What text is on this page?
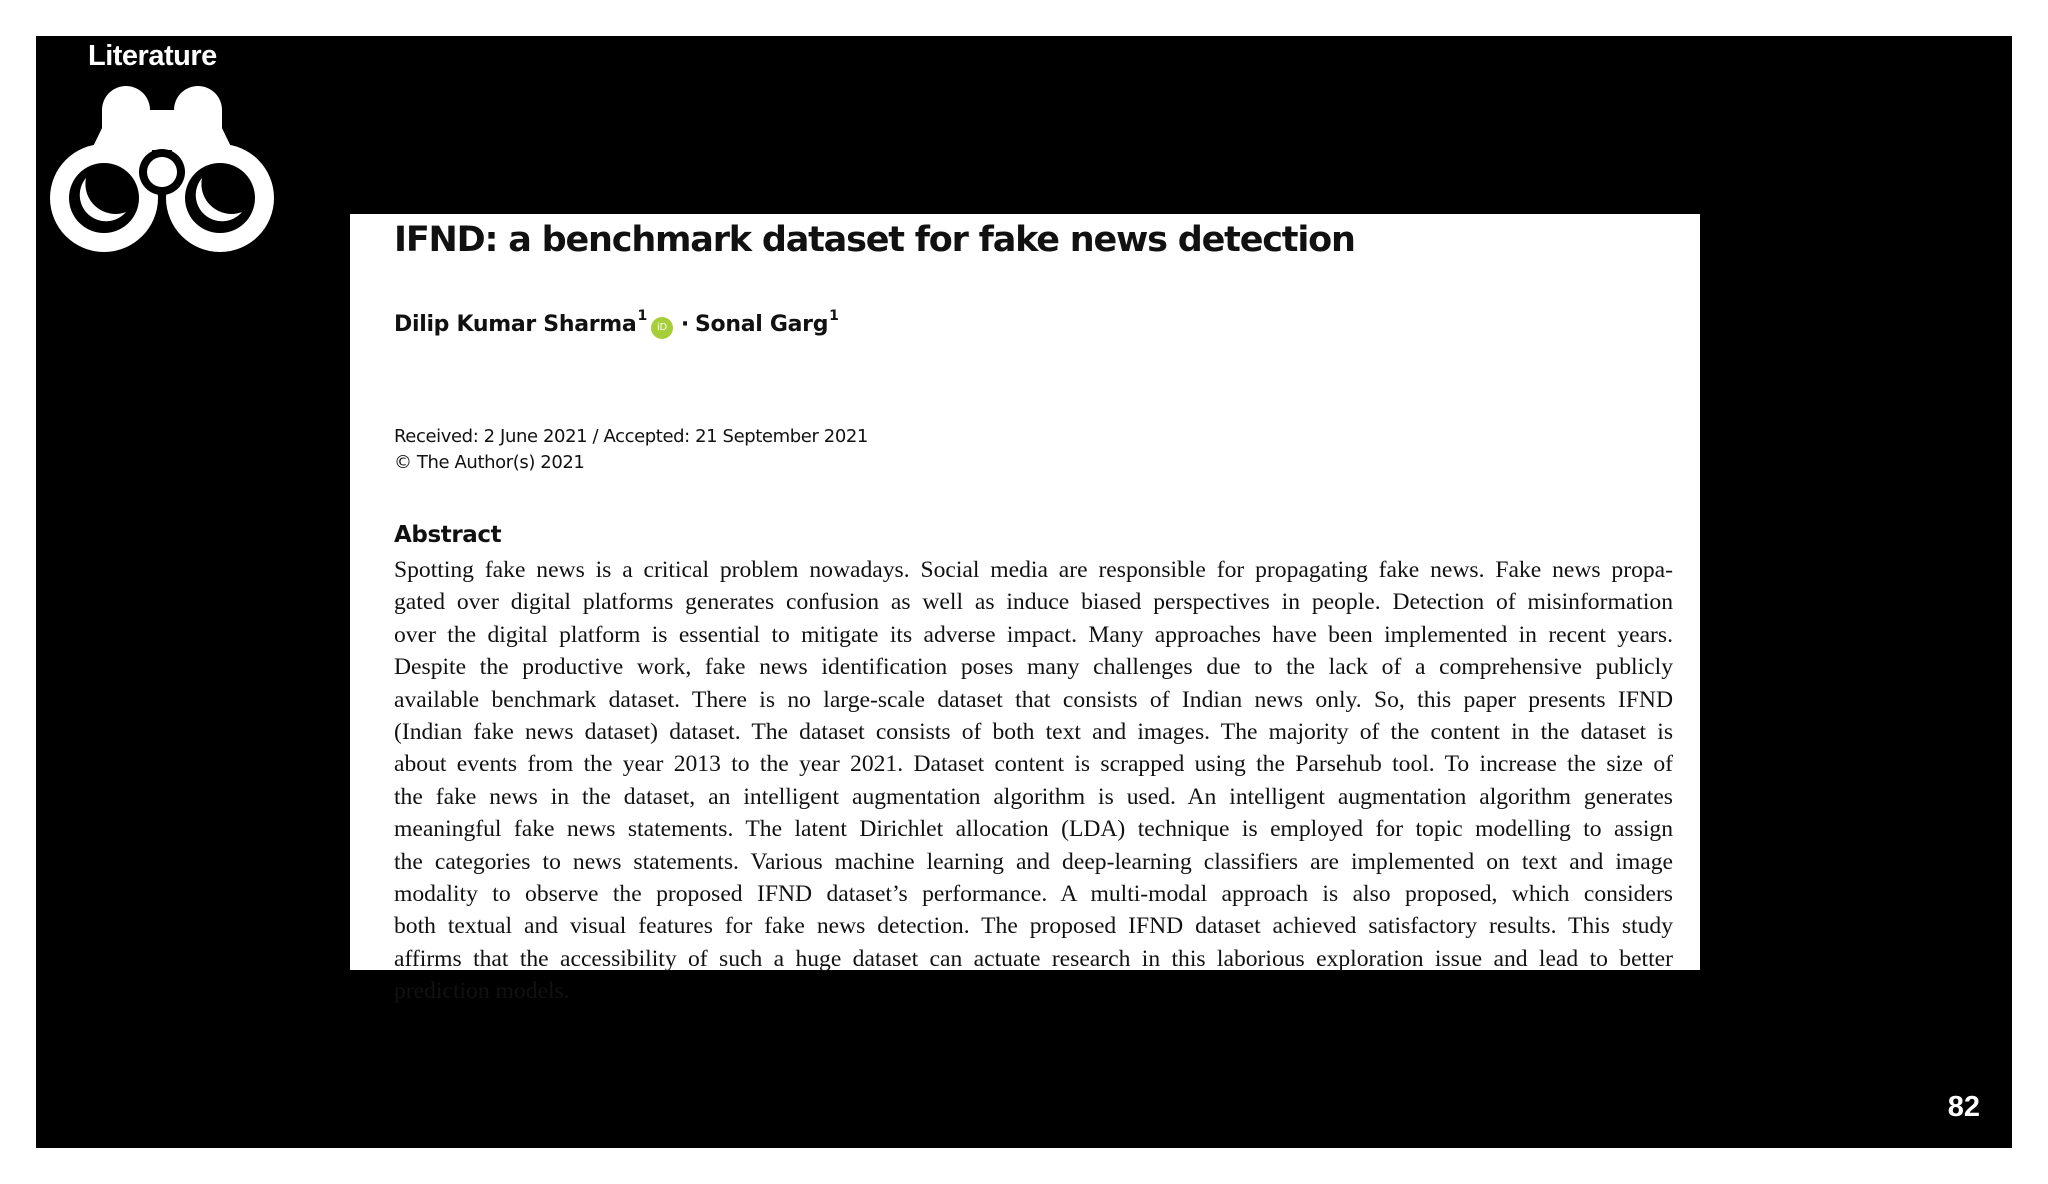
Literature
IFND: a benchmark dataset for fake news detection
Dilip Kumar Sharma$^1$
iD · Sonal Garg$^1$
Received: 2 June 2021 / Accepted: 21 September 2021
© The Author(s) 2021
Abstract
Spotting fake news is a critical problem nowadays. Social media are responsible for propagating fake news. Fake news propa-
gated over digital platforms generates confusion as well as induce biased perspectives in people. Detection of misinformation
over the digital platform is essential to mitigate its adverse impact. Many approaches have been implemented in recent years.
Despite the productive work, fake news identification poses many challenges due to the lack of a comprehensive publicly
available benchmark dataset. There is no large-scale dataset that consists of Indian news only. So, this paper presents IFND
(Indian fake news dataset) dataset. The dataset consists of both text and images. The majority of the content in the dataset is
about events from the year 2013 to the year 2021. Dataset content is scrapped using the Parsehub tool. To increase the size of
the fake news in the dataset, an intelligent augmentation algorithm is used. An intelligent augmentation algorithm generates
meaningful fake news statements. The latent Dirichlet allocation (LDA) technique is employed for topic modelling to assign
the categories to news statements. Various machine learning and deep-learning classifiers are implemented on text and image
modality to observe the proposed IFND dataset’s performance. A multi-modal approach is also proposed, which considers
both textual and visual features for fake news detection. The proposed IFND dataset achieved satisfactory results. This study
affirms that the accessibility of such a huge dataset can actuate research in this laborious exploration issue and lead to better
prediction models.
82
